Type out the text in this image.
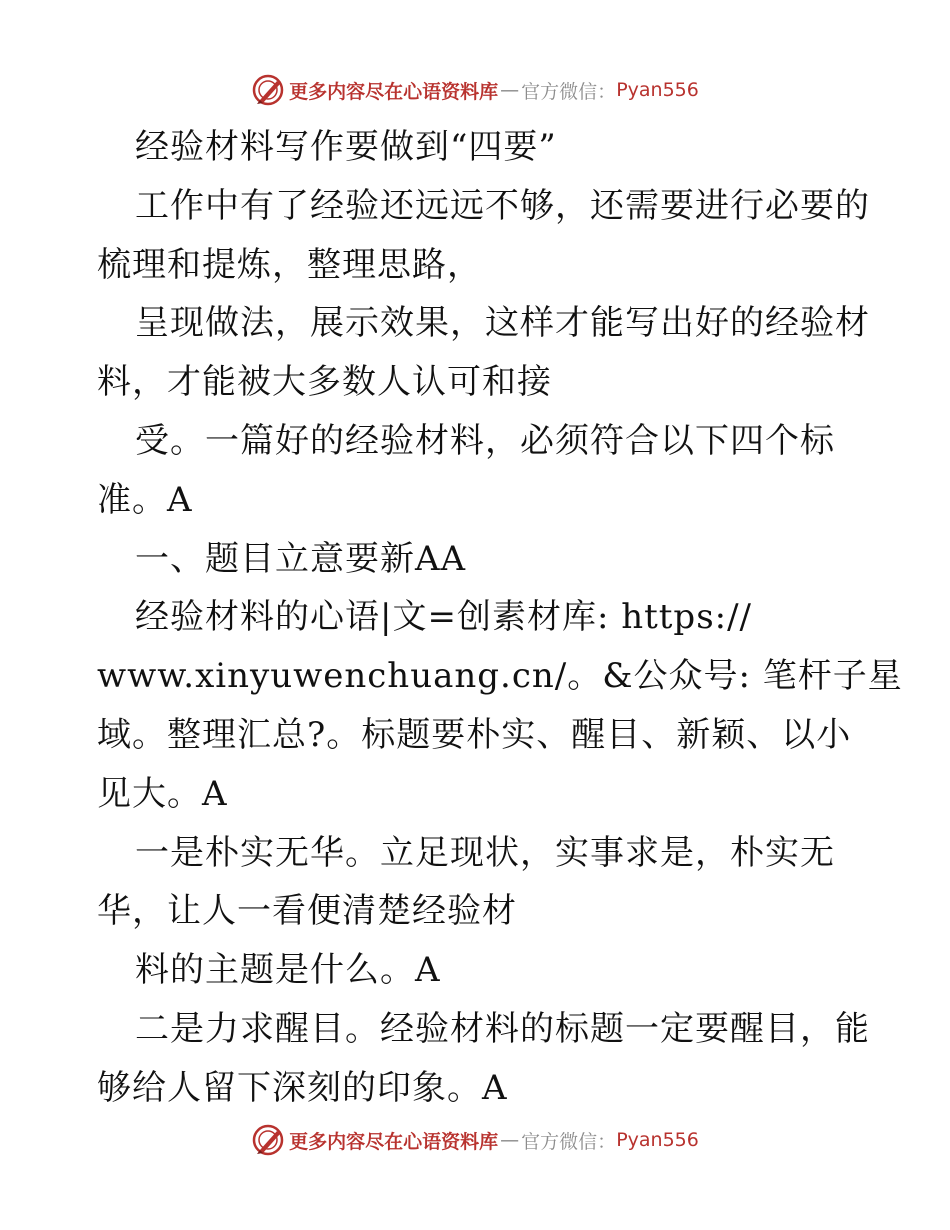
更多内容尽在心语资料库 — 官方微信： Pyan556
经验材料写作要做到“四要”
工作中有了经验还远远不够，还需要进行必要的
梳理和提炼，整理思路，
呈现做法，展示效果，这样才能写出好的经验材
料，才能被大多数人认可和接
受。一篇好的经验材料，必须符合以下四个标
准。A
一、题目立意要新AA
经验材料的心语|文=创素材库: https://
www.xinyuwenchuang.cn/。&公众号: 笔杆子星
域。整理汇总?。标题要朴实、醒目、新颖、以小
见大。A
一是朴实无华。立足现状，实事求是，朴实无
华，让人一看便清楚经验材
料的主题是什么。A
二是力求醒目。经验材料的标题一定要醒目，能
够给人留下深刻的印象。A
更多内容尽在心语资料库 — 官方微信： Pyan556
